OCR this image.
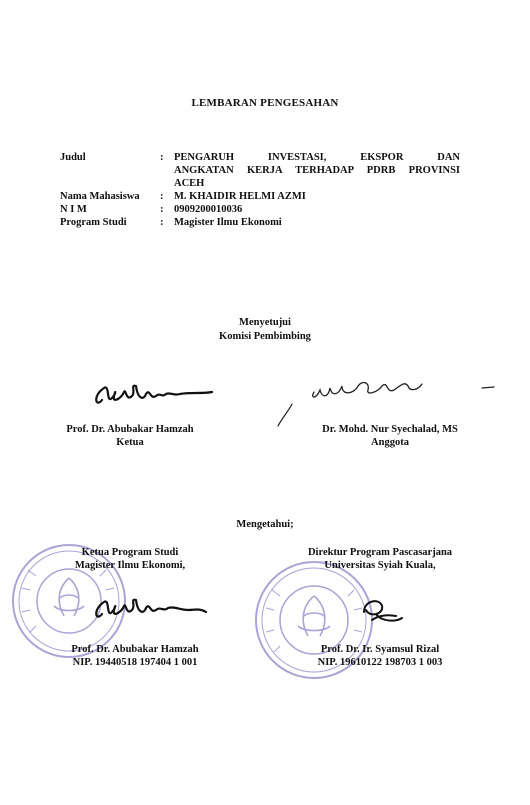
LEMBARAN PENGESAHAN
Judul	:	PENGARUH INVESTASI, EKSPOR DAN
ANGKATAN KERJA TERHADAP PDRB PROVINSI
ACEH
Nama Mahasiswa	:	M. KHAIDIR HELMI AZMI
N I M	:	0909200010036
Program Studi	:	Magister Ilmu Ekonomi
Menyetujui
Komisi Pembimbing
Prof. Dr. Abubakar Hamzah
Ketua
Dr. Mohd. Nur Syechalad, MS
Anggota
Mengetahui;
Ketua Program Studi
Magister Ilmu Ekonomi,
Direktur Program Pascasarjana
Universitas Syiah Kuala,
Prof. Dr. Abubakar Hamzah
NIP. 19440518 197404 1 001
Prof. Dr. Ir. Syamsul Rizal
NIP. 19610122 198703 1 003
